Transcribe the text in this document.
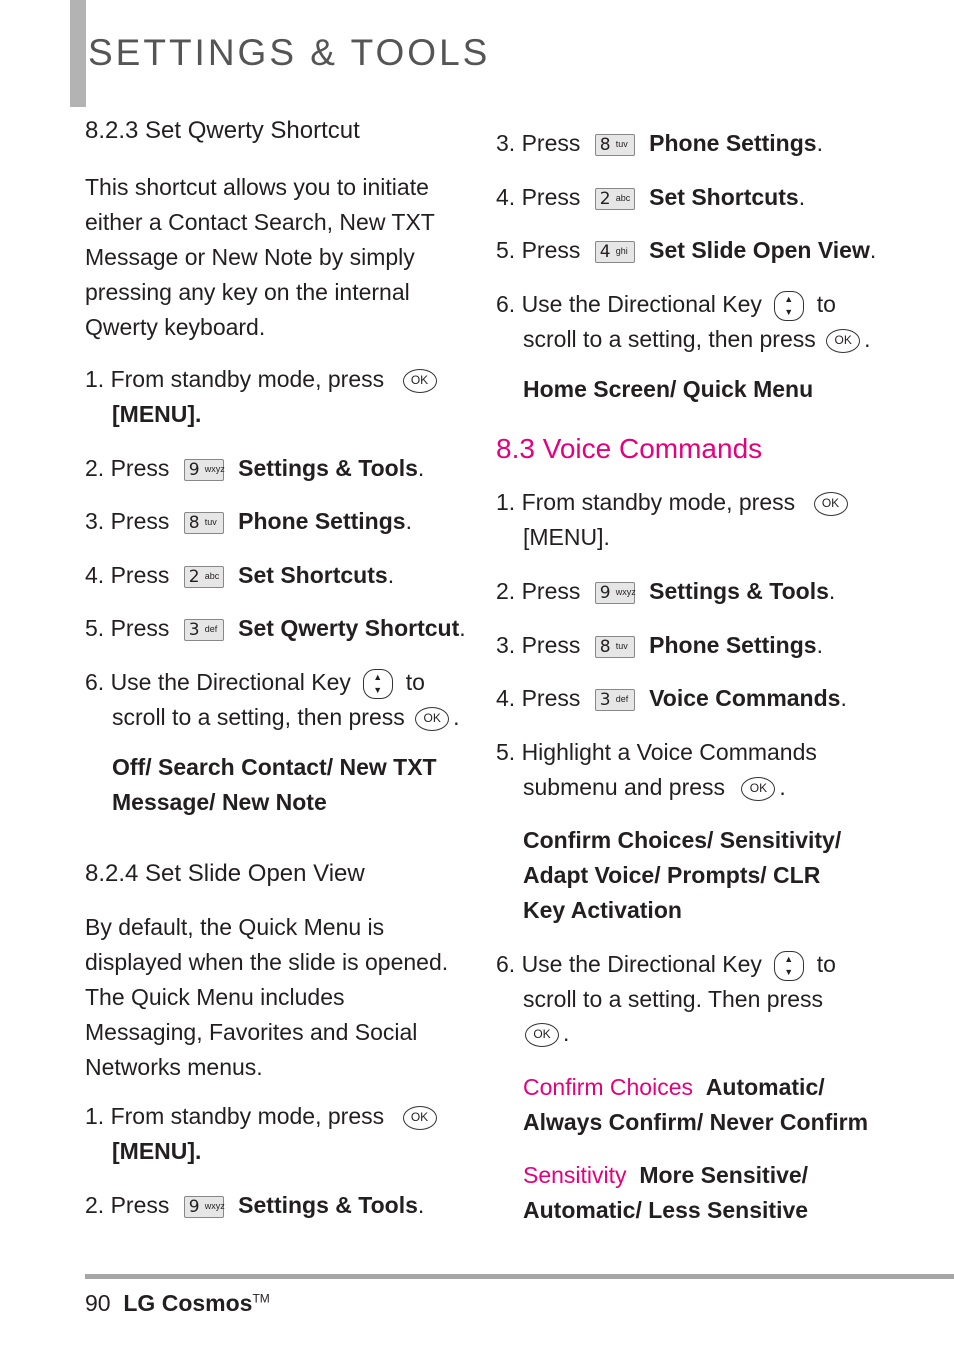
SETTINGS & TOOLS
8.2.3 Set Qwerty Shortcut
This shortcut allows you to initiate
either a Contact Search, New TXT
Message or New Note by simply
pressing any key on the internal
Qwerty keyboard.
1. From standby mode, press OK
[MENU].
2. Press 9 wxyz Settings & Tools.
3. Press 8 tuv Phone Settings.
4. Press 2 abc Set Shortcuts.
5. Press 3 def Set Qwerty Shortcut.
6. Use the Directional Key ▲
▼ to
scroll to a setting, then press OK .
Off/ Search Contact/ New TXT
Message/ New Note
8.2.4 Set Slide Open View
By default, the Quick Menu is
displayed when the slide is opened.
The Quick Menu includes
Messaging, Favorites and Social
Networks menus.
1. From standby mode, press OK
[MENU].
2. Press 9 wxyz Settings & Tools.
3. Press 8 tuv Phone Settings.
4. Press 2 abc Set Shortcuts.
5. Press 4 ghi Set Slide Open View.
6. Use the Directional Key ▲
▼ to
scroll to a setting, then press OK .
Home Screen/ Quick Menu
8.3 Voice Commands
1. From standby mode, press OK
[MENU].
2. Press 9 wxyz Settings & Tools.
3. Press 8 tuv Phone Settings.
4. Press 3 def Voice Commands.
5. Highlight a Voice Commands
submenu and press OK .
Confirm Choices/ Sensitivity/
Adapt Voice/ Prompts/ CLR
Key Activation
6. Use the Directional Key ▲
▼ to
scroll to a setting. Then press
OK .
Confirm Choices Automatic/
Always Confirm/ Never Confirm
Sensitivity More Sensitive/
Automatic/ Less Sensitive
90 LG Cosmos™
